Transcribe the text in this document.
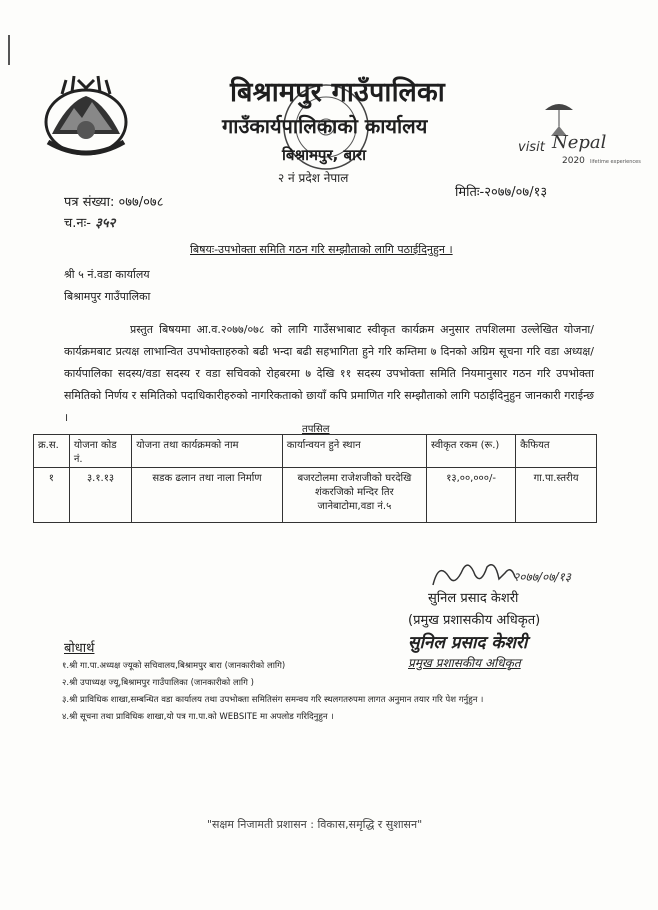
बिश्रामपुर गाउँपालिका
गाउँकार्यपालिकाको कार्यालय
बिश्रामपुर, बारा
२ नं प्रदेश नेपाल
visit Nepal
2020 lifetime experiences
पत्र संख्या: ०७७/०७८
च.नः- ३५२
मितिः-२०७७/०७/१३
बिषयः-उपभोक्ता समिति गठन गरि सम्झौताको लागि पठाईदिनुहुन ।
श्री ५ नं.वडा कार्यालय
बिश्रामपुर गाउँपालिका
प्रस्तुत बिषयमा आ.व.२०७७/०७८ को लागि गाउँसभाबाट स्वीकृत कार्यक्रम अनुसार तपशिलमा उल्लेखित योजना/कार्यक्रमबाट प्रत्यक्ष लाभान्वित उपभोक्ताहरुको बढी भन्दा बढी सहभागिता हुने गरि कम्तिमा ७ दिनको अग्रिम सूचना गरि वडा अध्यक्ष/कार्यपालिका सदस्य/वडा सदस्य र वडा सचिवको रोहबरमा ७ देखि ११ सदस्य उपभोक्ता समिति नियमानुसार गठन गरि उपभोक्ता समितिको निर्णय र समितिको पदाधिकारीहरुको नागरिकताको छायाँ कपि प्रमाणित गरि सम्झौताको लागि पठाईदिनुहुन जानकारी गराईन्छ ।
तपसिल
क्र.स.	योजना कोड नं.	योजना तथा कार्यक्रमको नाम	कार्यान्वयन हुने स्थान	स्वीकृत रकम (रू.)	कैफियत
१	३.१.१३	सडक ढलान तथा नाला निर्माण	बजरटोलमा राजेशजीको घरदेखि शंकरजिको मन्दिर तिर जानेबाटोमा,वडा नं.५	१३,००,०००/-	गा.पा.स्तरीय
२०७७/०७/१३
सुनिल प्रसाद केशरी
(प्रमुख प्रशासकीय अधिकृत)
सुनिल प्रसाद केशरी
प्रमुख प्रशासकीय अधिकृत
बोधार्थ
१.श्री गा.पा.अध्यक्ष ज्यूको सचिवालय,बिश्रामपुर बारा (जानकारीको लागि)
२.श्री उपाध्यक्ष ज्यू,बिश्रामपुर गाउँपालिका (जानकारीको लागि )
३.श्री प्राविधिक शाखा,सम्बन्धित वडा कार्यालय तथा उपभोक्ता समितिसंग समन्वय गरि स्थलगतरुपमा लागत अनुमान तयार गरि पेश गर्नुहुन ।
४.श्री सूचना तथा प्राविधिक शाखा,यो पत्र गा.पा.को WEBSITE मा अपलोड गरिदिनुहुन ।
"सक्षम निजामती प्रशासन : विकास,समृद्धि र सुशासन"
